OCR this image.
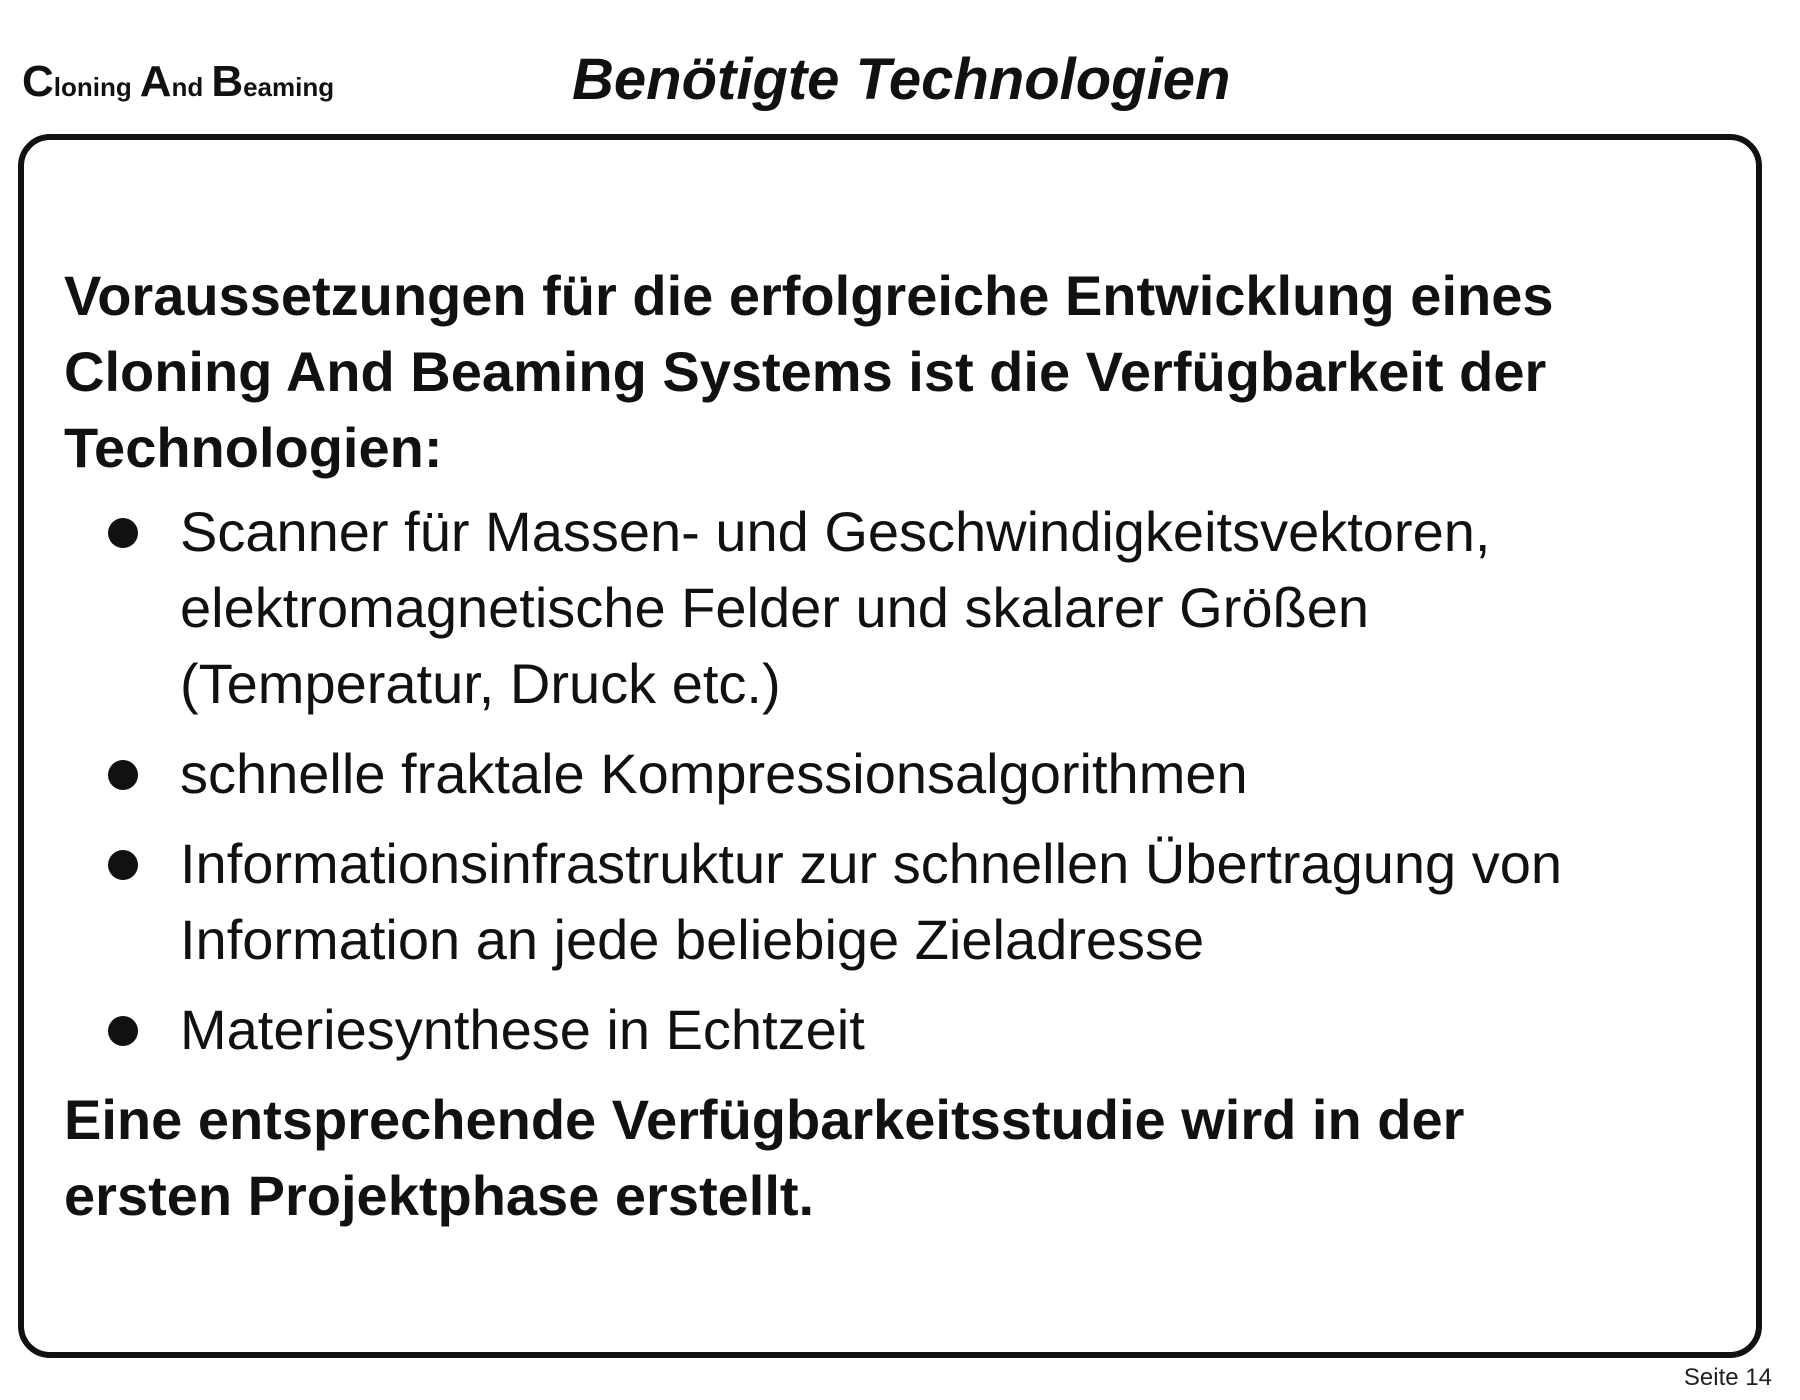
Cloning And Beaming	Benötigte Technologien

Voraussetzungen für die erfolgreiche Entwicklung eines
Cloning And Beaming Systems ist die Verfügbarkeit der
Technologien:

Scanner für Massen- und Geschwindigkeitsvektoren,
elektromagnetische Felder und skalarer Größen
(Temperatur, Druck etc.)
schnelle fraktale Kompressionsalgorithmen
Informationsinfrastruktur zur schnellen Übertragung von
Information an jede beliebige Zieladresse
Materiesynthese in Echtzeit

Eine entsprechende Verfügbarkeitsstudie wird in der
ersten Projektphase erstellt.

Seite 14
